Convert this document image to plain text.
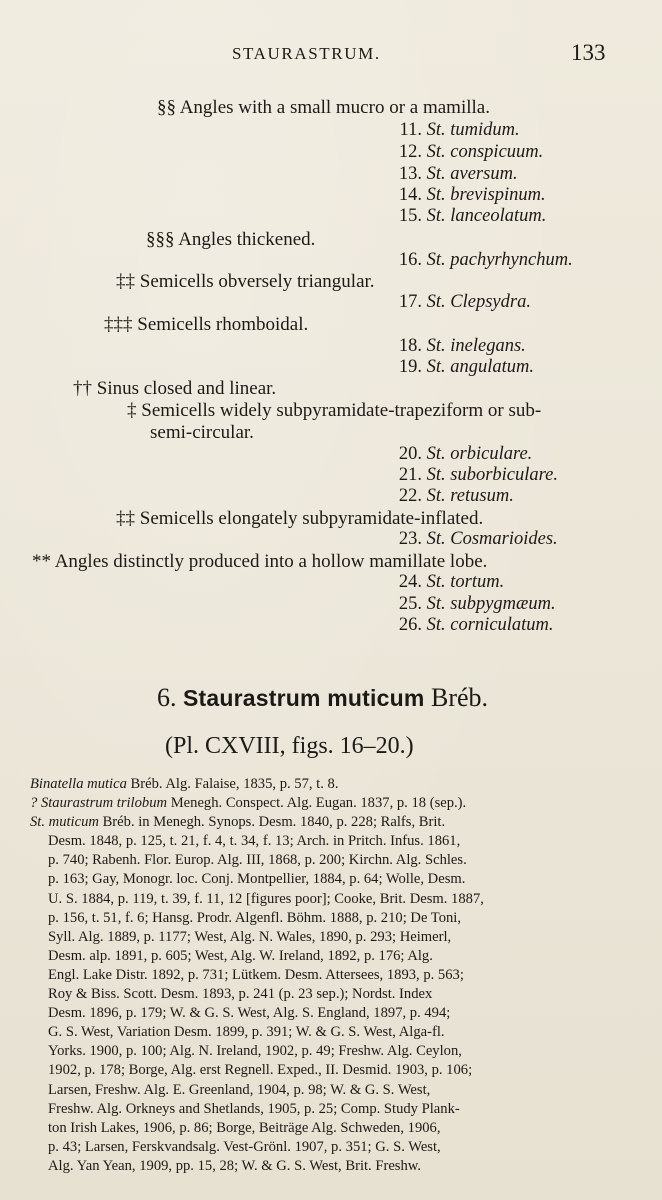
STAURASTRUM.	133
§§ Angles with a small mucro or a mamilla.
11. St. tumidum.
12. St. conspicuum.
13. St. aversum.
14. St. brevispinum.
15. St. lanceolatum.
§§§ Angles thickened.
16. St. pachyrhynchum.
‡‡ Semicells obversely triangular.
17. St. Clepsydra.
‡‡‡ Semicells rhomboidal.
18. St. inelegans.
19. St. angulatum.
†† Sinus closed and linear.
‡ Semicells widely subpyramidate-trapeziform or sub-
semi-circular.
20. St. orbiculare.
21. St. suborbiculare.
22. St. retusum.
‡‡ Semicells elongately subpyramidate-inflated.
23. St. Cosmarioides.
** Angles distinctly produced into a hollow mamillate lobe.
24. St. tortum.
25. St. subpygmæum.
26. St. corniculatum.
6. Staurastrum muticum Bréb.
(Pl. CXVIII, figs. 16–20.)
Binatella mutica Bréb. Alg. Falaise, 1835, p. 57, t. 8.
? Staurastrum trilobum Menegh. Conspect. Alg. Eugan. 1837, p. 18 (sep.).
St. muticum Bréb. in Menegh. Synops. Desm. 1840, p. 228; Ralfs, Brit.
Desm. 1848, p. 125, t. 21, f. 4, t. 34, f. 13; Arch. in Pritch. Infus. 1861,
p. 740; Rabenh. Flor. Europ. Alg. III, 1868, p. 200; Kirchn. Alg. Schles.
p. 163; Gay, Monogr. loc. Conj. Montpellier, 1884, p. 64; Wolle, Desm.
U. S. 1884, p. 119, t. 39, f. 11, 12 [figures poor]; Cooke, Brit. Desm. 1887,
p. 156, t. 51, f. 6; Hansg. Prodr. Algenfl. Böhm. 1888, p. 210; De Toni,
Syll. Alg. 1889, p. 1177; West, Alg. N. Wales, 1890, p. 293; Heimerl,
Desm. alp. 1891, p. 605; West, Alg. W. Ireland, 1892, p. 176; Alg.
Engl. Lake Distr. 1892, p. 731; Lütkem. Desm. Attersees, 1893, p. 563;
Roy & Biss. Scott. Desm. 1893, p. 241 (p. 23 sep.); Nordst. Index
Desm. 1896, p. 179; W. & G. S. West, Alg. S. England, 1897, p. 494;
G. S. West, Variation Desm. 1899, p. 391; W. & G. S. West, Alga-fl.
Yorks. 1900, p. 100; Alg. N. Ireland, 1902, p. 49; Freshw. Alg. Ceylon,
1902, p. 178; Borge, Alg. erst Regnell. Exped., II. Desmid. 1903, p. 106;
Larsen, Freshw. Alg. E. Greenland, 1904, p. 98; W. & G. S. West,
Freshw. Alg. Orkneys and Shetlands, 1905, p. 25; Comp. Study Plank-
ton Irish Lakes, 1906, p. 86; Borge, Beiträge Alg. Schweden, 1906,
p. 43; Larsen, Ferskvandsalg. Vest-Grönl. 1907, p. 351; G. S. West,
Alg. Yan Yean, 1909, pp. 15, 28; W. & G. S. West, Brit. Freshw.
